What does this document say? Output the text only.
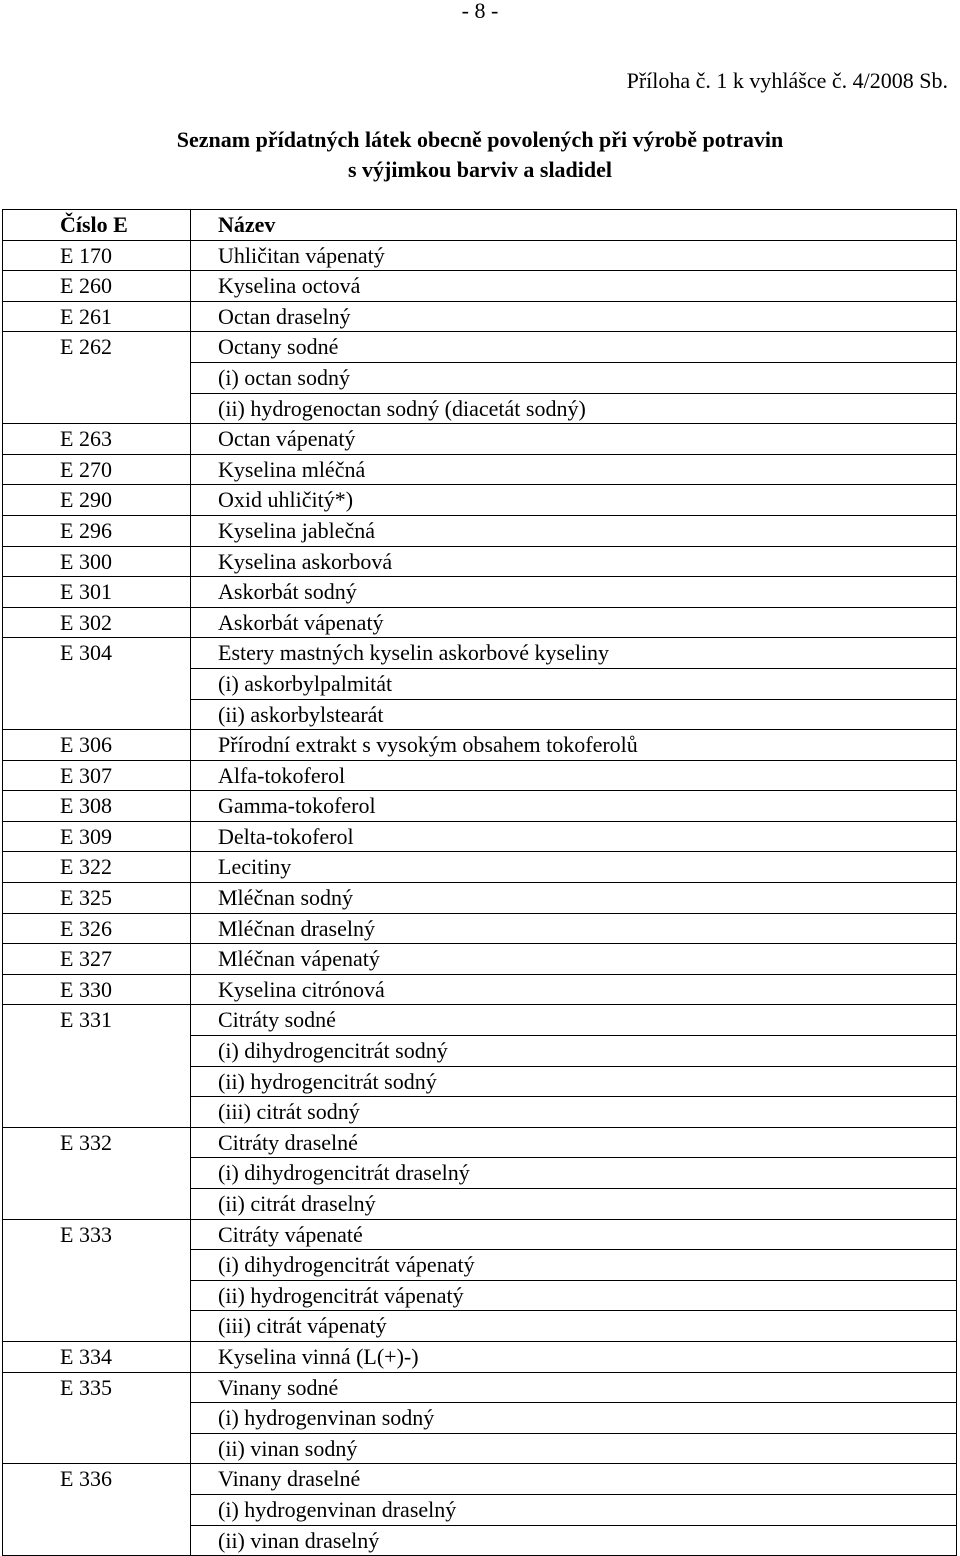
- 8 -
Příloha č. 1 k vyhlášce č. 4/2008 Sb.
Seznam přídatných látek obecně povolených při výrobě potravin
s výjimkou barviv a sladidel
Číslo E	Název
E 170	Uhličitan vápenatý

E 260	Kyselina octová

E 261	Octan draselný

E 262	Octany sodné
(i) octan sodný
(ii) hydrogenoctan sodný (diacetát sodný)

E 263	Octan vápenatý

E 270	Kyselina mléčná

E 290	Oxid uhličitý*)

E 296	Kyselina jablečná

E 300	Kyselina askorbová

E 301	Askorbát sodný

E 302	Askorbát vápenatý

E 304	Estery mastných kyselin askorbové kyseliny
(i) askorbylpalmitát
(ii) askorbylstearát

E 306	Přírodní extrakt s vysokým obsahem tokoferolů

E 307	Alfa-tokoferol

E 308	Gamma-tokoferol

E 309	Delta-tokoferol

E 322	Lecitiny

E 325	Mléčnan sodný

E 326	Mléčnan draselný

E 327	Mléčnan vápenatý

E 330	Kyselina citrónová

E 331	Citráty sodné
(i) dihydrogencitrát sodný
(ii) hydrogencitrát sodný
(iii) citrát sodný

E 332	Citráty draselné
(i) dihydrogencitrát draselný
(ii) citrát draselný

E 333	Citráty vápenaté
(i) dihydrogencitrát vápenatý
(ii) hydrogencitrát vápenatý
(iii) citrát vápenatý

E 334	Kyselina vinná (L(+)-)

E 335	Vinany sodné
(i) hydrogenvinan sodný
(ii) vinan sodný

E 336	Vinany draselné
(i) hydrogenvinan draselný
(ii) vinan draselný
